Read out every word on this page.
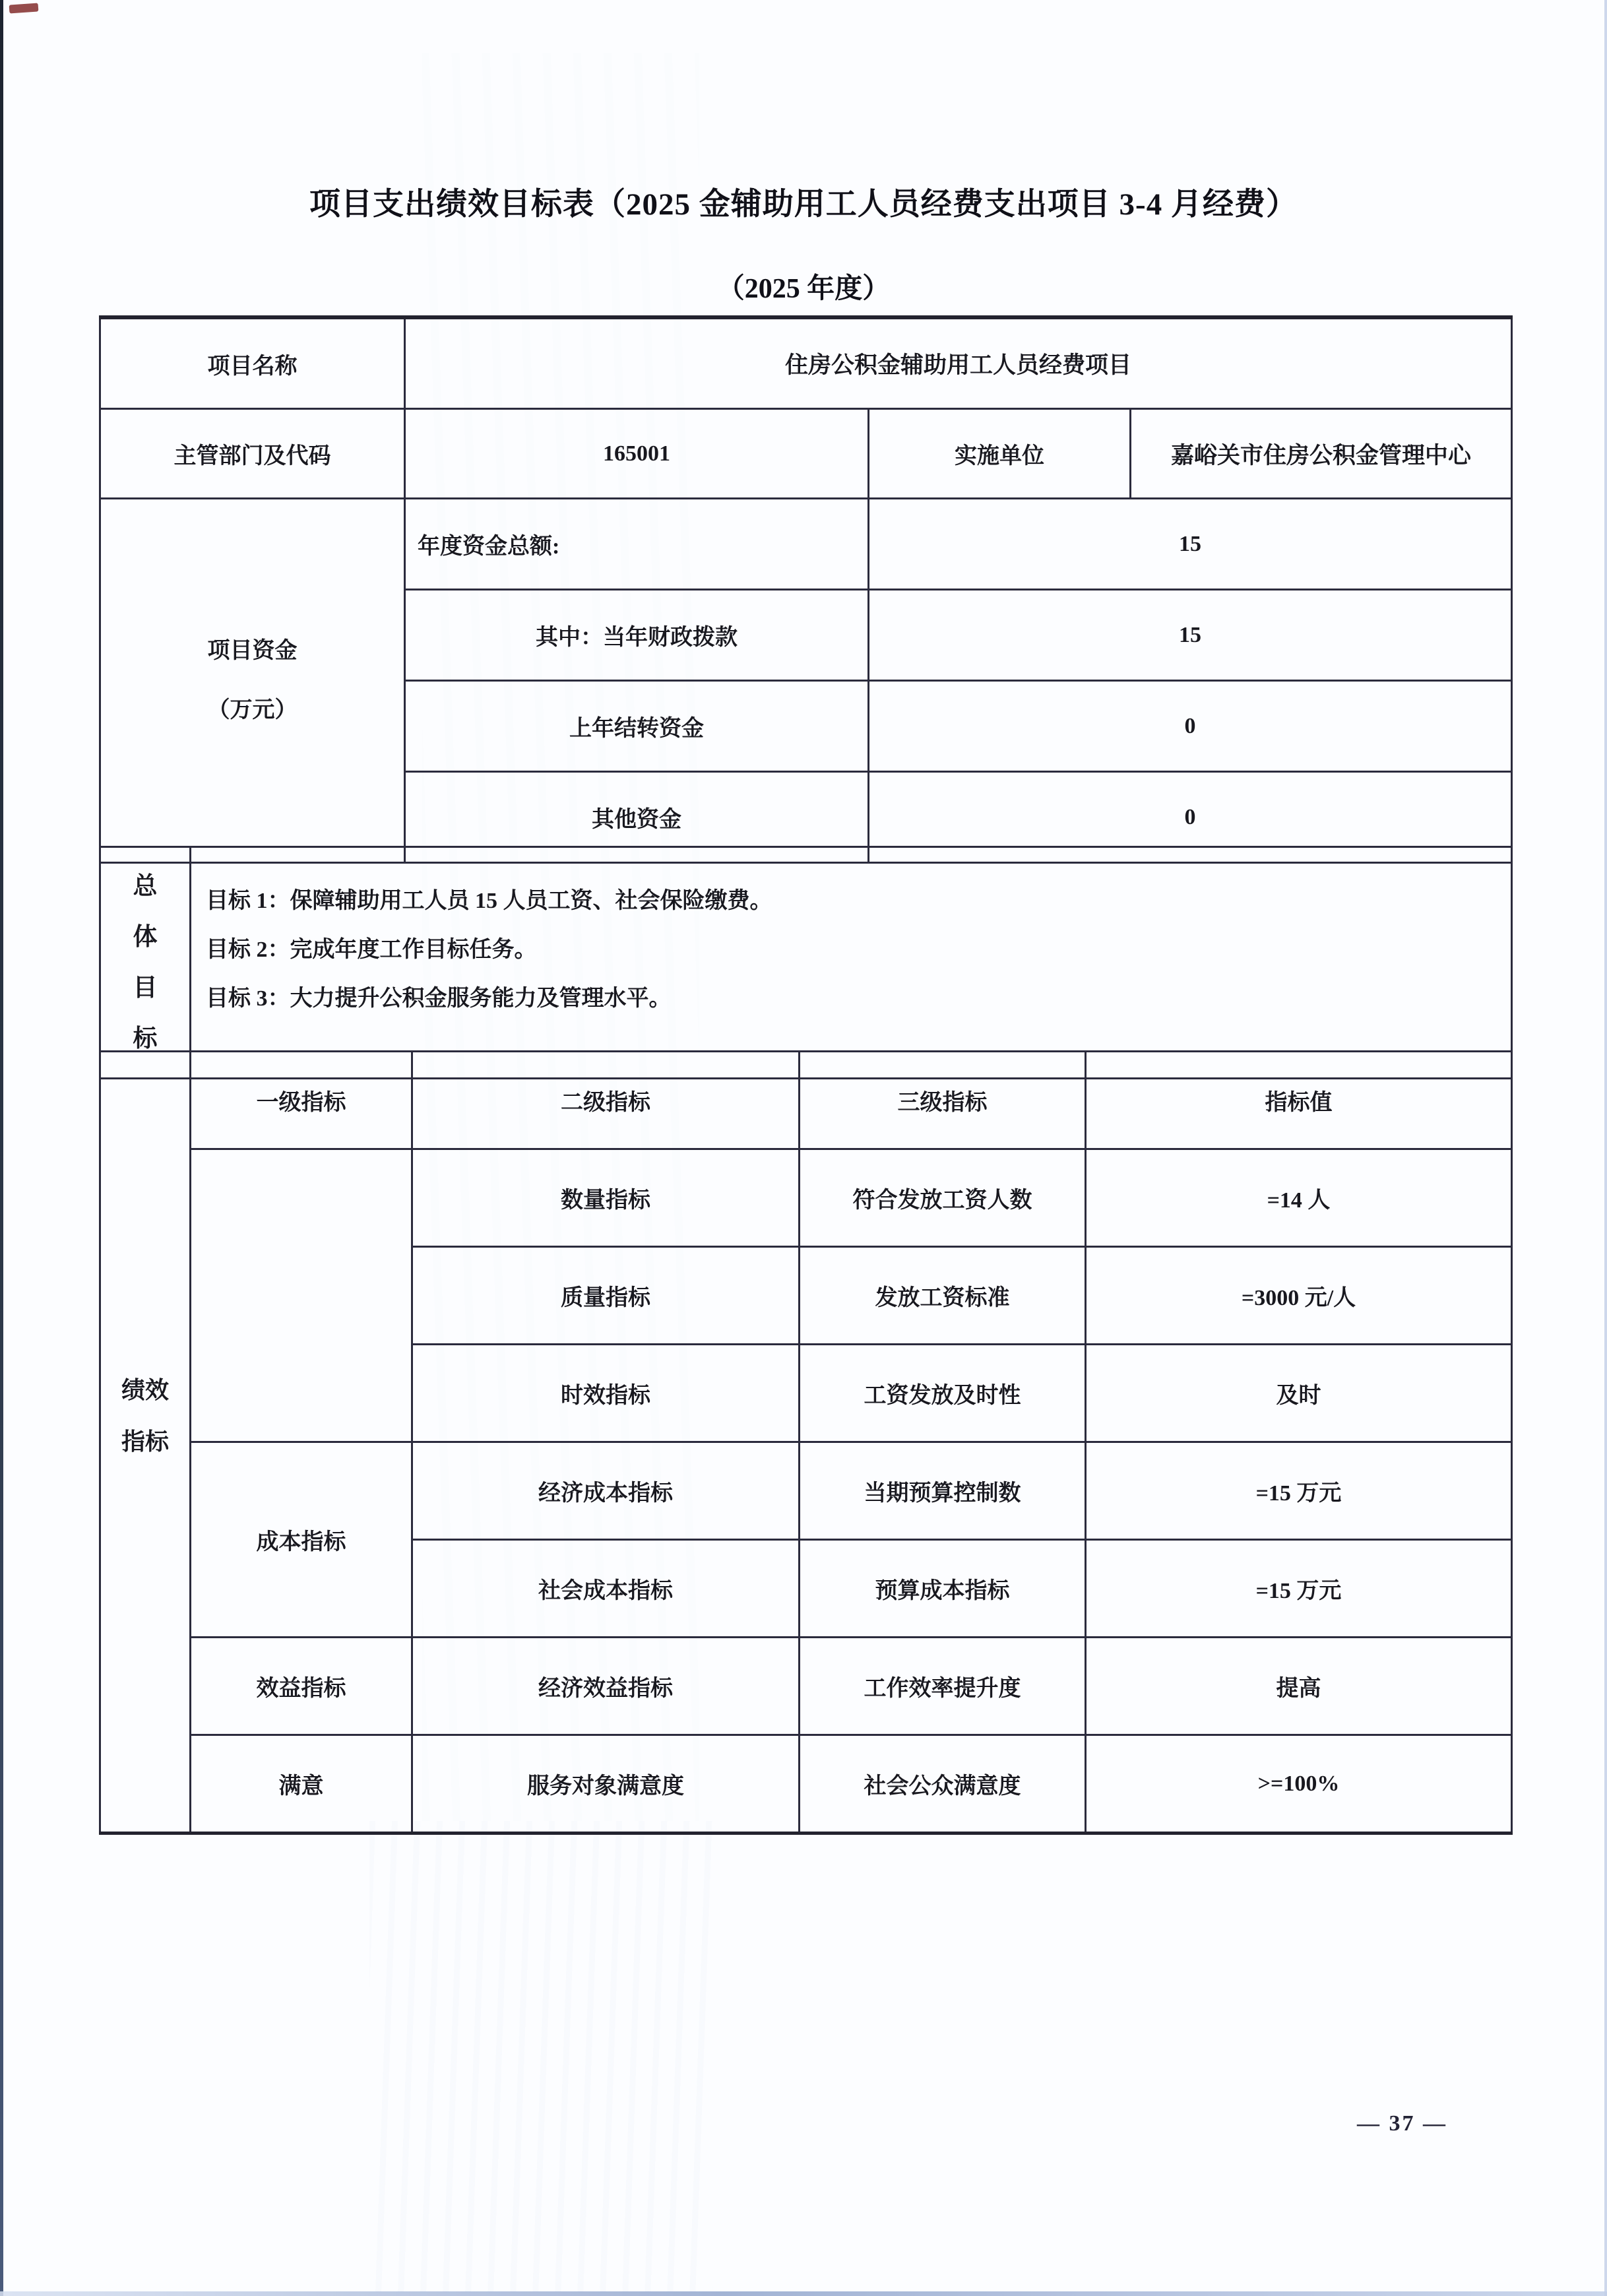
项目支出绩效目标表（2025 金辅助用工人员经费支出项目 3-4 月经费）
（2025 年度）
项目名称	住房公积金辅助用工人员经费项目		
主管部门及代码	165001	实施单位	嘉峪关市住房公积金管理中心

项目资金
（万元）	年度资金总额:	15	
	其中：当年财政拨款	15	
	上年结转资金	0	
	其他资金	0	
总
体
目
标

目标 1：保障辅助用工人员 15 人员工资、社会保险缴费。
目标 2：完成年度工作目标任务。
目标 3：大力提升公积金服务能力及管理水平。
绩效
指标	一级指标	二级指标	三级指标	指标值
		数量指标	符合发放工资人数	=14 人
		质量指标	发放工资标准	=3000 元/人
		时效指标	工资发放及时性	及时
	成本指标	经济成本指标	当期预算控制数	=15 万元
		社会成本指标	预算成本指标	=15 万元
	效益指标	经济效益指标	工作效率提升度	提高
	满意	服务对象满意度	社会公众满意度	>=100%
— 37 —
